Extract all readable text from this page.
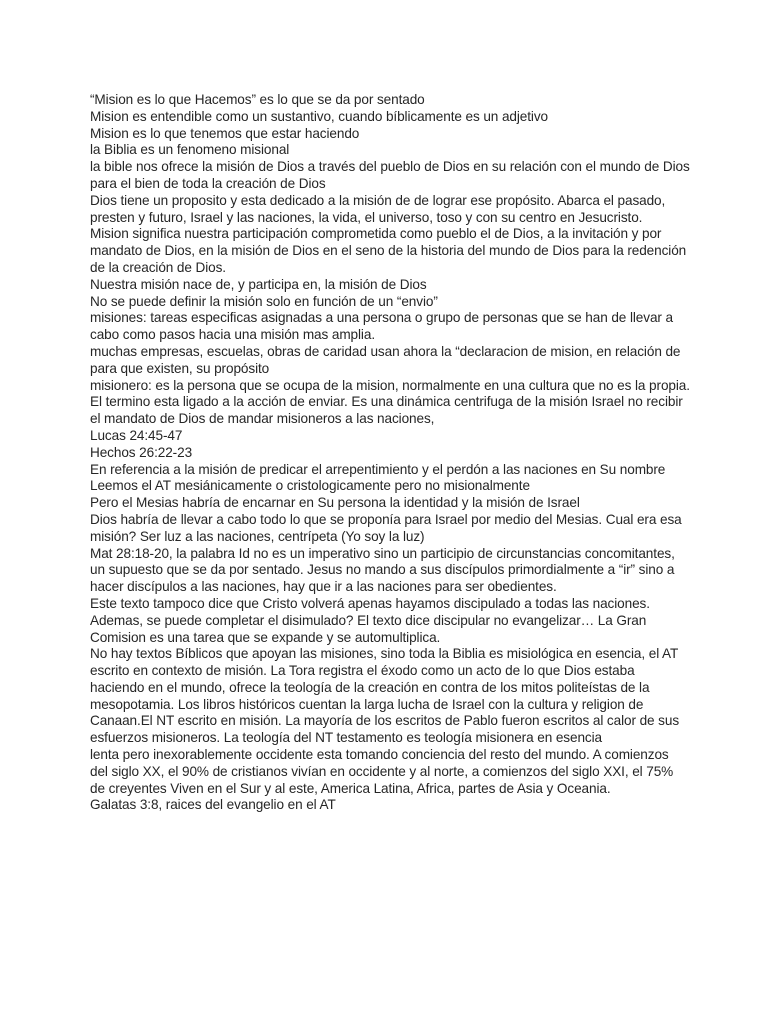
“Mision es lo que Hacemos” es lo que se da por sentado

Mision es entendible como un sustantivo, cuando bíblicamente es un adjetivo

Mision es lo que tenemos que estar haciendo

la Biblia es un fenomeno misional

la bible nos ofrece la misión de Dios a través del pueblo de Dios en su relación con el mundo de Dios para el bien de toda la creación de Dios

Dios tiene un proposito y esta dedicado a la misión de de lograr ese propósito. Abarca el pasado, presten y futuro, Israel y las naciones, la vida, el universo, toso y con su centro en Jesucristo.

Mision significa nuestra participación comprometida como pueblo el de Dios, a la invitación y por mandato de Dios, en la misión de Dios en el seno de la historia del mundo de Dios para la redención de la creación de Dios.

Nuestra misión nace de, y participa en, la misión de Dios

No se puede definir la misión solo en función de un “envio”

misiones: tareas especificas asignadas a una persona o grupo de personas que se han de llevar a cabo como pasos hacia una misión mas amplia.

muchas empresas, escuelas, obras de caridad usan ahora la “declaracion de mision, en relación de para que existen, su propósito

misionero: es la persona que se ocupa de la mision, normalmente en una cultura que no es la propia. El termino esta ligado a la acción de enviar. Es una dinámica centrifuga de la misión Israel no recibir el mandato de Dios de mandar misioneros a las naciones,

Lucas 24:45-47

Hechos 26:22-23

En referencia a la misión de predicar el arrepentimiento y el perdón a las naciones en Su nombre

Leemos el AT mesiánicamente o cristologicamente pero no misionalmente

Pero el Mesias habría de encarnar en Su persona la identidad y la misión de Israel

Dios habría de llevar a cabo todo lo que se proponía para Israel por medio del Mesias. Cual era esa misión? Ser luz a las naciones, centrípeta (Yo soy la luz)

Mat 28:18-20, la palabra Id no es un imperativo sino un participio de circunstancias concomitantes, un supuesto que se da por sentado. Jesus no mando a sus discípulos primordialmente a “ir” sino a hacer discípulos a las naciones, hay que ir a las naciones para ser obedientes.

Este texto tampoco dice que Cristo volverá apenas hayamos discipulado a todas las naciones. Ademas, se puede completar el disimulado? El texto dice discipular no evangelizar… La Gran Comision es una tarea que se expande y se automultiplica.

No hay textos Bíblicos que apoyan las misiones, sino toda la Biblia es misiológica en esencia, el AT escrito en contexto de misión. La Tora registra el éxodo como un acto de lo que Dios estaba haciendo en el mundo, ofrece la teología de la creación en contra de los mitos politeístas de la mesopotamia. Los libros históricos cuentan la larga lucha de Israel con la cultura y religion de Canaan.El NT escrito en misión. La mayoría de los escritos de Pablo fueron escritos al calor de sus esfuerzos misioneros. La teología del NT testamento es teología misionera en esencia

lenta pero inexorablemente occidente esta tomando conciencia del resto del mundo. A comienzos del siglo XX, el 90% de cristianos vivían en occidente y al norte, a comienzos del siglo XXI, el 75% de creyentes Viven en el Sur y al este, America Latina, Africa, partes de Asia y Oceania.

Galatas 3:8, raices del evangelio en el AT
